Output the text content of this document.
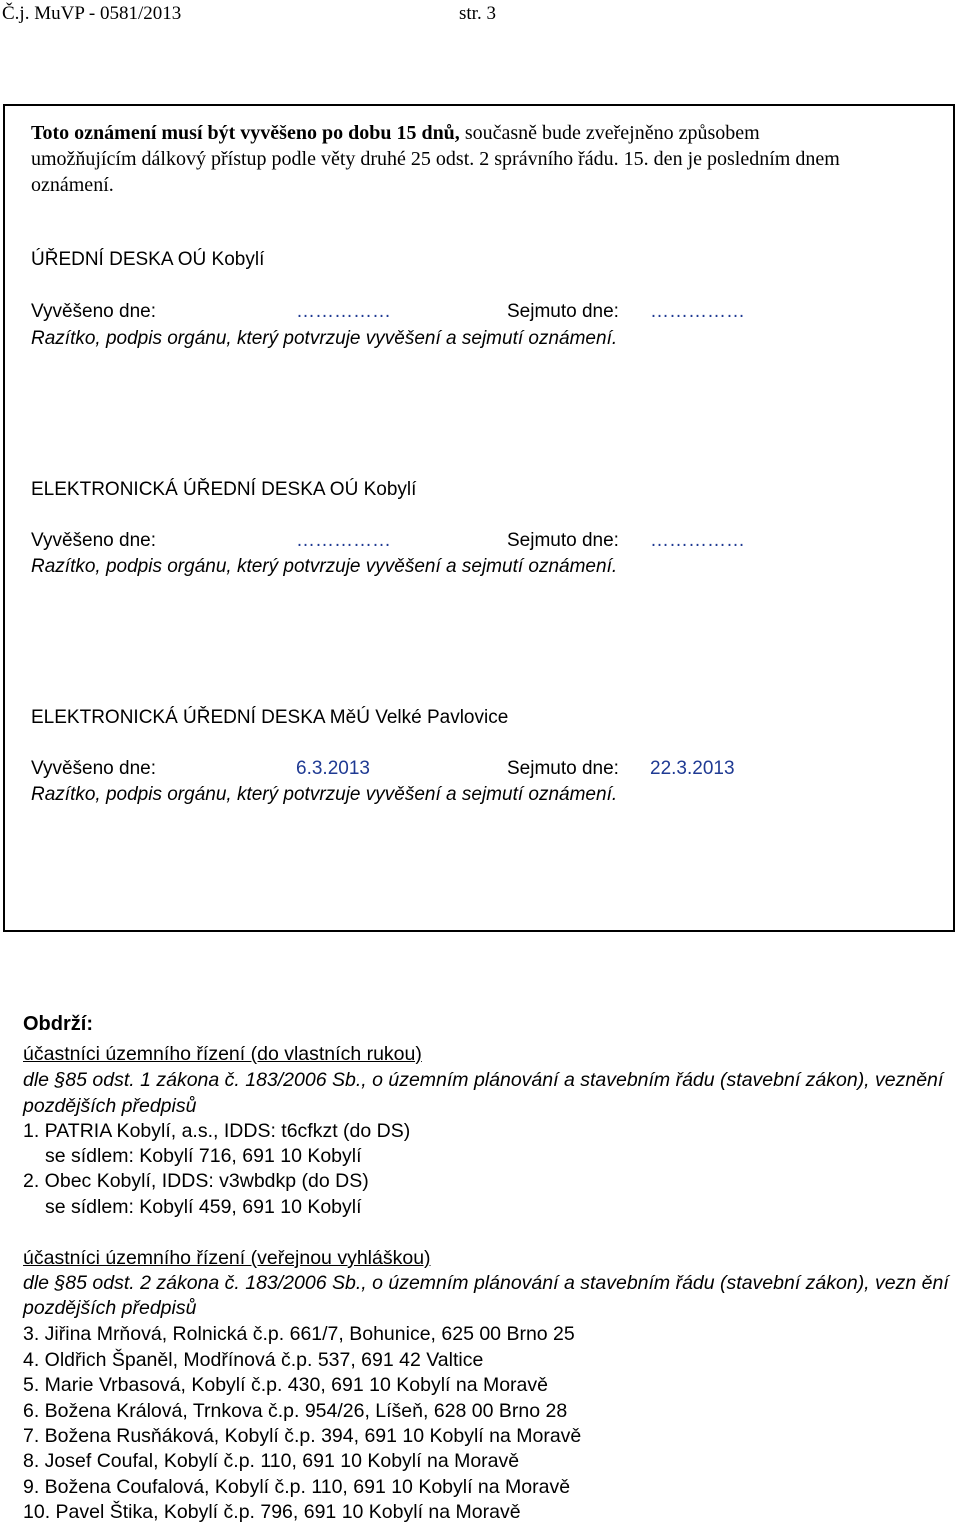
Č.j. MuVP - 0581/2013	str. 3
Toto oznámení musí být vyvěšeno po dobu 15 dnů, současně bude zveřejněno způsobem
umožňujícím dálkový přístup podle věty druhé 25 odst. 2 správního řádu. 15. den je posledním dnem
oznámení.
ÚŘEDNÍ DESKA OÚ Kobylí
Vyvěšeno dne:	……………	Sejmuto dne: ……………
Razítko, podpis orgánu, který potvrzuje vyvěšení a sejmutí oznámení.
ELEKTRONICKÁ ÚŘEDNÍ DESKA OÚ Kobylí
Vyvěšeno dne:	……………	Sejmuto dne: ……………
Razítko, podpis orgánu, který potvrzuje vyvěšení a sejmutí oznámení.
ELEKTRONICKÁ ÚŘEDNÍ DESKA MěÚ Velké Pavlovice
Vyvěšeno dne:	6.3.2013	Sejmuto dne: 22.3.2013
Razítko, podpis orgánu, který potvrzuje vyvěšení a sejmutí oznámení.
Obdrží:
účastníci územního řízení (do vlastních rukou)
dle §85 odst. 1 zákona č. 183/2006 Sb., o územním plánování a stavebním řádu (stavební zákon), veznění
pozdějších předpisů
1. PATRIA Kobylí, a.s., IDDS: t6cfkzt (do DS)
se sídlem: Kobylí 716, 691 10 Kobylí
2. Obec Kobylí, IDDS: v3wbdkp (do DS)
se sídlem: Kobylí 459, 691 10 Kobylí
účastníci územního řízení (veřejnou vyhláškou)
dle §85 odst. 2 zákona č. 183/2006 Sb., o územním plánování a stavebním řádu (stavební zákon), vezn ění
pozdějších předpisů
3. Jiřina Mrňová, Rolnická č.p. 661/7, Bohunice, 625 00 Brno 25
4. Oldřich Španěl, Modřínová č.p. 537, 691 42 Valtice
5. Marie Vrbasová, Kobylí č.p. 430, 691 10 Kobylí na Moravě
6. Božena Králová, Trnkova č.p. 954/26, Líšeň, 628 00 Brno 28
7. Božena Rusňáková, Kobylí č.p. 394, 691 10 Kobylí na Moravě
8. Josef Coufal, Kobylí č.p. 110, 691 10 Kobylí na Moravě
9. Božena Coufalová, Kobylí č.p. 110, 691 10 Kobylí na Moravě
10. Pavel Štika, Kobylí č.p. 796, 691 10 Kobylí na Moravě
